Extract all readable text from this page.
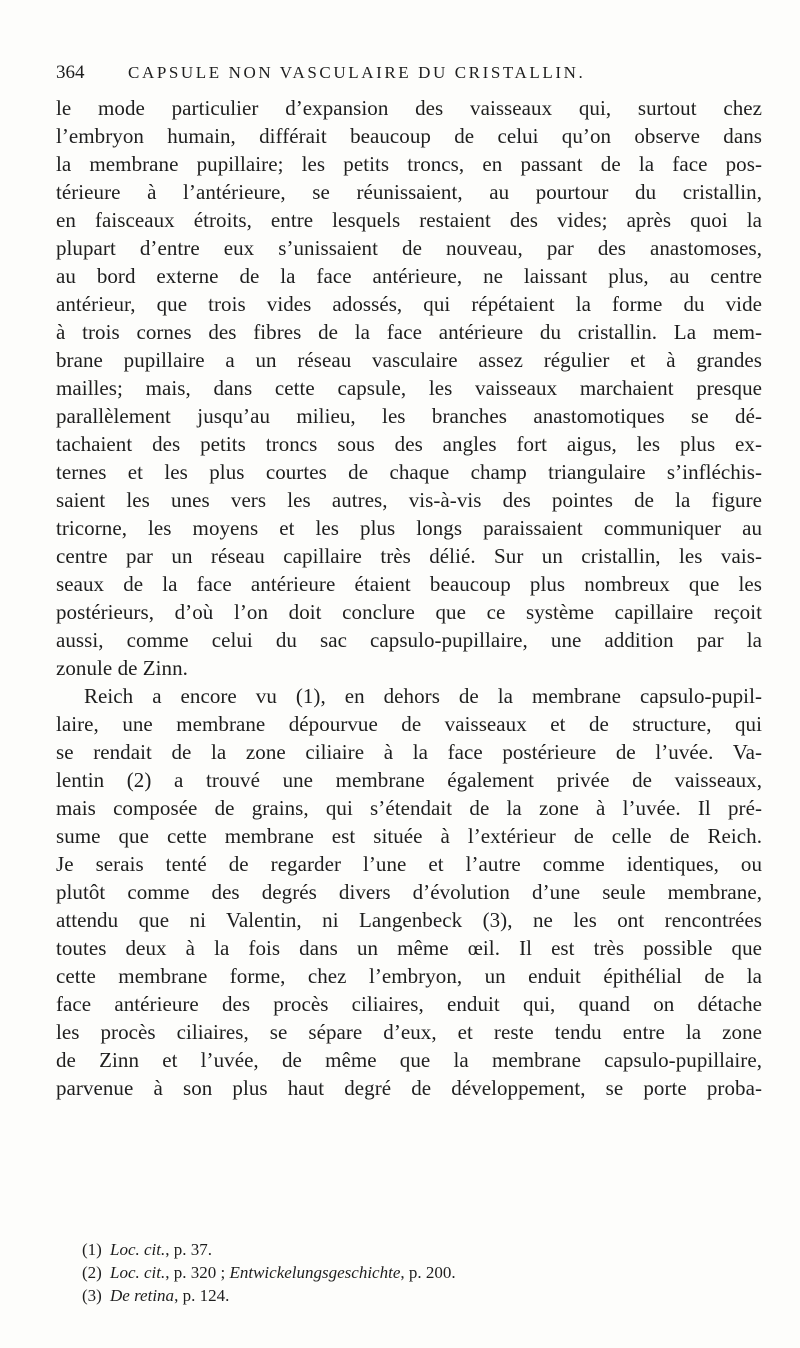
364	CAPSULE NON VASCULAIRE DU CRISTALLIN.
le mode particulier d’expansion des vaisseaux qui, surtout chez
l’embryon humain, différait beaucoup de celui qu’on observe dans
la membrane pupillaire; les petits troncs, en passant de la face pos-
térieure à l’antérieure, se réunissaient, au pourtour du cristallin,
en faisceaux étroits, entre lesquels restaient des vides; après quoi la
plupart d’entre eux s’unissaient de nouveau, par des anastomoses,
au bord externe de la face antérieure, ne laissant plus, au centre
antérieur, que trois vides adossés, qui répétaient la forme du vide
à trois cornes des fibres de la face antérieure du cristallin. La mem-
brane pupillaire a un réseau vasculaire assez régulier et à grandes
mailles; mais, dans cette capsule, les vaisseaux marchaient presque
parallèlement jusqu’au milieu, les branches anastomotiques se dé-
tachaient des petits troncs sous des angles fort aigus, les plus ex-
ternes et les plus courtes de chaque champ triangulaire s’infléchis-
saient les unes vers les autres, vis-à-vis des pointes de la figure
tricorne, les moyens et les plus longs paraissaient communiquer au
centre par un réseau capillaire très délié. Sur un cristallin, les vais-
seaux de la face antérieure étaient beaucoup plus nombreux que les
postérieurs, d’où l’on doit conclure que ce système capillaire reçoit
aussi, comme celui du sac capsulo-pupillaire, une addition par la
zonule de Zinn.
Reich a encore vu (1), en dehors de la membrane capsulo-pupil-
laire, une membrane dépourvue de vaisseaux et de structure, qui
se rendait de la zone ciliaire à la face postérieure de l’uvée. Va-
lentin (2) a trouvé une membrane également privée de vaisseaux,
mais composée de grains, qui s’étendait de la zone à l’uvée. Il pré-
sume que cette membrane est située à l’extérieur de celle de Reich.
Je serais tenté de regarder l’une et l’autre comme identiques, ou
plutôt comme des degrés divers d’évolution d’une seule membrane,
attendu que ni Valentin, ni Langenbeck (3), ne les ont rencontrées
toutes deux à la fois dans un même œil. Il est très possible que
cette membrane forme, chez l’embryon, un enduit épithélial de la
face antérieure des procès ciliaires, enduit qui, quand on détache
les procès ciliaires, se sépare d’eux, et reste tendu entre la zone
de Zinn et l’uvée, de même que la membrane capsulo-pupillaire,
parvenue à son plus haut degré de développement, se porte proba-
(1) Loc. cit., p. 37.
(2) Loc. cit., p. 320 ; Entwickelungsgeschichte, p. 200.
(3) De retina, p. 124.
